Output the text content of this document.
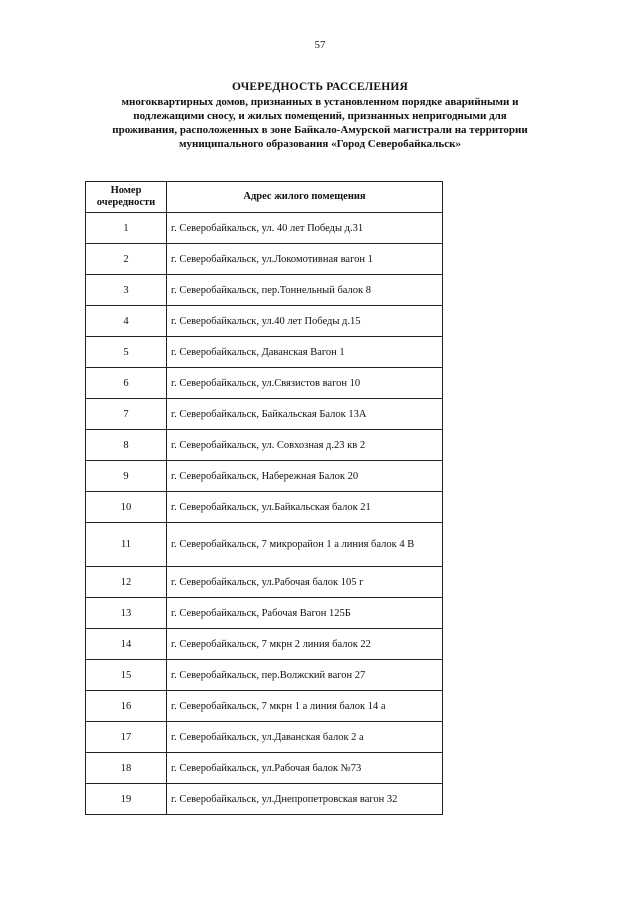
57
ОЧЕРЕДНОСТЬ РАССЕЛЕНИЯ
многоквартирных домов, признанных в установленном порядке аварийными и
подлежащими сносу, и жилых помещений, признанных непригодными для
проживания, расположенных в зоне Байкало-Амурской магистрали на территории
муниципального образования «Город Северобайкальск»
Номер очередности	Адрес жилого помещения
1	г. Северобайкальск, ул. 40 лет Победы д.31
2	г. Северобайкальск, ул.Локомотивная вагон 1
3	г. Северобайкальск, пер.Тоннельный балок 8
4	г. Северобайкальск, ул.40 лет Победы д.15
5	г. Северобайкальск, Даванская Вагон 1
6	г. Северобайкальск, ул.Связистов вагон 10
7	г. Северобайкальск, Байкальская Балок 13А
8	г. Северобайкальск, ул. Совхозная д.23 кв 2
9	г. Северобайкальск, Набережная Балок 20
10	г. Северобайкальск, ул.Байкальская балок 21
11	г. Северобайкальск, 7 микрорайон 1 а линия балок 4 В
12	г. Северобайкальск, ул.Рабочая балок 105 г
13	г. Северобайкальск, Рабочая Вагон 125Б
14	г. Северобайкальск, 7 мкрн 2 линия балок 22
15	г. Северобайкальск, пер.Волжский вагон 27
16	г. Северобайкальск, 7 мкрн 1 а линия балок 14 а
17	г. Северобайкальск, ул.Даванская балок 2 а
18	г. Северобайкальск, ул.Рабочая балок №73
19	г. Северобайкальск, ул.Днепропетровская вагон 32
